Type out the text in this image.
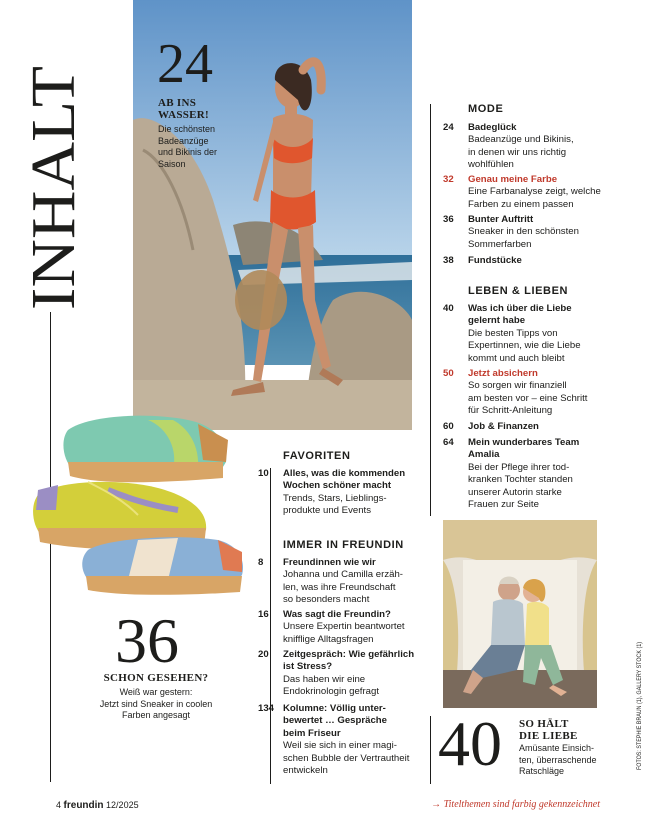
INHALT
24
AB INS
WASSER!
Die schönsten
Badeanzüge
und Bikinis der
Saison
36
SCHON GESEHEN?
Weiß war gestern:
Jetzt sind Sneaker in coolen
Farben angesagt
MODE
24 Badeglück
Badeanzüge und Bikinis,
in denen wir uns richtig
wohlfühlen
32 Genau meine Farbe
Eine Farbanalyse zeigt, welche
Farben zu einem passen
36 Bunter Auftritt
Sneaker in den schönsten
Sommerfarben
38 Fundstücke
LEBEN & LIEBEN
40 Was ich über die Liebe
gelernt habe
Die besten Tipps von
Expertinnen, wie die Liebe
kommt und auch bleibt
50 Jetzt absichern
So sorgen wir finanziell
am besten vor – eine Schritt
für Schritt-Anleitung
60 Job & Finanzen
64 Mein wunderbares Team
Amalia
Bei der Pflege ihrer tod-
kranken Tochter standen
unserer Autorin starke
Frauen zur Seite
FAVORITEN
10 Alles, was die kommenden
Wochen schöner macht
Trends, Stars, Lieblings-
produkte und Events
IMMER IN FREUNDIN
8 Freundinnen wie wir
Johanna und Camilla erzäh-
len, was ihre Freundschaft
so besonders macht
16 Was sagt die Freundin?
Unsere Expertin beantwortet
knifflige Alltagsfragen
20 Zeitgespräch: Wie gefährlich
ist Stress?
Das haben wir eine
Endokrinologin gefragt
134 Kolumne: Völlig unter-
bewertet … Gespräche
beim Friseur
Weil sie sich in einer magi-
schen Bubble der Vertrautheit
entwickeln	40 SO HÄLT
DIE LIEBE
Amüsante Einsich-
ten, überraschende
Ratschläge
FOTOS: STEPHIE BRAUN (1), GALLERY STOCK (1)
4 freundin 12/2025	→ Titelthemen sind farbig gekennzeichnet
